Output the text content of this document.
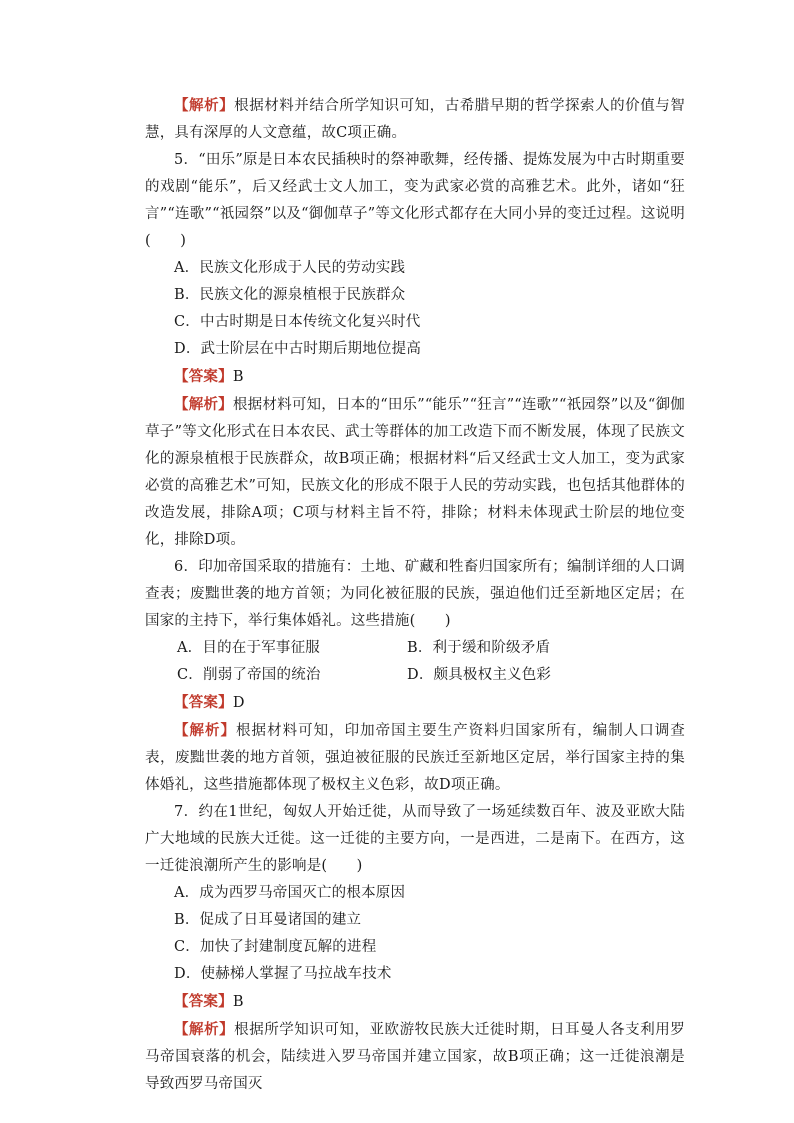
【解析】根据材料并结合所学知识可知，古希腊早期的哲学探索人的价值与智慧，具有深厚的人文意蕴，故C项正确。

5．“田乐”原是日本农民插秧时的祭神歌舞，经传播、提炼发展为中古时期重要的戏剧“能乐”，后又经武士文人加工，变为武家必赏的高雅艺术。此外，诸如“狂言”“连歌”“祇园祭”以及“御伽草子”等文化形式都存在大同小异的变迁过程。这说明(　　)

A．民族文化形成于人民的劳动实践

B．民族文化的源泉植根于民族群众

C．中古时期是日本传统文化复兴时代

D．武士阶层在中古时期后期地位提高

【答案】B

【解析】根据材料可知，日本的“田乐”“能乐”“狂言”“连歌”“祇园祭”以及“御伽草子”等文化形式在日本农民、武士等群体的加工改造下而不断发展，体现了民族文化的源泉植根于民族群众，故B项正确；根据材料“后又经武士文人加工，变为武家必赏的高雅艺术”可知，民族文化的形成不限于人民的劳动实践，也包括其他群体的改造发展，排除A项；C项与材料主旨不符，排除；材料未体现武士阶层的地位变化，排除D项。

6．印加帝国采取的措施有：土地、矿藏和牲畜归国家所有；编制详细的人口调查表；废黜世袭的地方首领；为同化被征服的民族，强迫他们迁至新地区定居；在国家的主持下，举行集体婚礼。这些措施(　　)

A．目的在于军事征服	B．利于缓和阶级矛盾

C．削弱了帝国的统治	D．颇具极权主义色彩

【答案】D

【解析】根据材料可知，印加帝国主要生产资料归国家所有，编制人口调查表，废黜世袭的地方首领，强迫被征服的民族迁至新地区定居，举行国家主持的集体婚礼，这些措施都体现了极权主义色彩，故D项正确。

7．约在1世纪，匈奴人开始迁徙，从而导致了一场延续数百年、波及亚欧大陆广大地域的民族大迁徙。这一迁徙的主要方向，一是西进，二是南下。在西方，这一迁徙浪潮所产生的影响是(　　)

A．成为西罗马帝国灭亡的根本原因

B．促成了日耳曼诸国的建立

C．加快了封建制度瓦解的进程

D．使赫梯人掌握了马拉战车技术

【答案】B

【解析】根据所学知识可知，亚欧游牧民族大迁徙时期，日耳曼人各支利用罗马帝国衰落的机会，陆续进入罗马帝国并建立国家，故B项正确；这一迁徙浪潮是导致西罗马帝国灭
